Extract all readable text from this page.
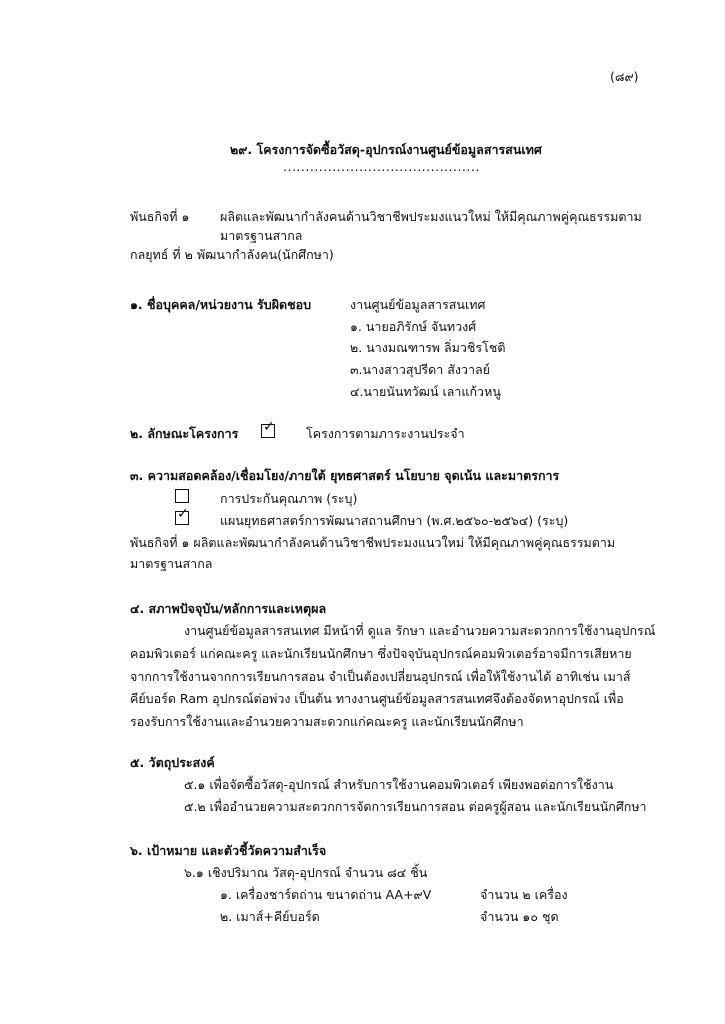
(๘๙)
๒๙. โครงการจัดซื้อวัสดุ-อุปกรณ์งานศูนย์ข้อมูลสารสนเทศ
............................................
พันธกิจที่ ๑ ผลิตและพัฒนากำลังคนด้านวิชาชีพประมงแนวใหม่ ให้มีคุณภาพคู่คุณธรรมตาม
มาตรฐานสากล
กลยุทธ์ ที่ ๒ พัฒนากำลังคน(นักศึกษา)
๑. ชื่อบุคคล/หน่วยงาน รับผิดชอบ	งานศูนย์ข้อมูลสารสนเทศ
๑. นายอภิรักษ์ จันทวงศ์
๒. นางมณฑารพ ลิ่มวชิรโชติ
๓.นางสาวสุปรีดา สังวาลย์
๔.นายนันทวัฒน์ เลาแก้วหนู
๒. ลักษณะโครงการ ✓	โครงการตามภาระงานประจำ
๓. ความสอดคล้อง/เชื่อมโยง/ภายใต้ ยุทธศาสตร์ นโยบาย จุดเน้น และมาตรการ
การประกันคุณภาพ (ระบุ)
✓	แผนยุทธศาสตร์การพัฒนาสถานศึกษา (พ.ศ.๒๕๖๐-๒๕๖๔) (ระบุ)
พันธกิจที่ ๑ ผลิตและพัฒนากำลังคนด้านวิชาชีพประมงแนวใหม่ ให้มีคุณภาพคู่คุณธรรมตาม
มาตรฐานสากล
๔. สภาพปัจจุบัน/หลักการและเหตุผล
งานศูนย์ข้อมูลสารสนเทศ มีหน้าที่ ดูแล รักษา และอำนวยความสะดวกการใช้งานอุปกรณ์
คอมพิวเตอร์ แก่คณะครู และนักเรียนนักศึกษา ซึ่งปัจจุบันอุปกรณ์คอมพิวเตอร์อาจมีการเสียหาย
จากการใช้งานจากการเรียนการสอน จำเป็นต้องเปลี่ยนอุปกรณ์ เพื่อให้ใช้งานได้ อาทิเช่น เมาส์
คีย์บอร์ด Ram อุปกรณ์ต่อพ่วง เป็นต้น ทางงานศูนย์ข้อมูลสารสนเทศจึงต้องจัดหาอุปกรณ์ เพื่อ
รองรับการใช้งานและอำนวยความสะดวกแก่คณะครู และนักเรียนนักศึกษา
๕. วัตถุประสงค์
๕.๑ เพื่อจัดซื้อวัสดุ-อุปกรณ์ สำหรับการใช้งานคอมพิวเตอร์ เพียงพอต่อการใช้งาน
๕.๒ เพื่ออำนวยความสะดวกการจัดการเรียนการสอน ต่อครูผู้สอน และนักเรียนนักศึกษา
๖. เป้าหมาย และตัวชี้วัดความสำเร็จ
๖.๑ เชิงปริมาณ วัสดุ-อุปกรณ์ จำนวน ๘๔ ชิ้น
๑. เครื่องชาร์ตถ่าน ขนาดถ่าน AA+๙V	จำนวน ๒ เครื่อง
๒. เมาส์+คีย์บอร์ด	จำนวน ๑๐ ชุด
